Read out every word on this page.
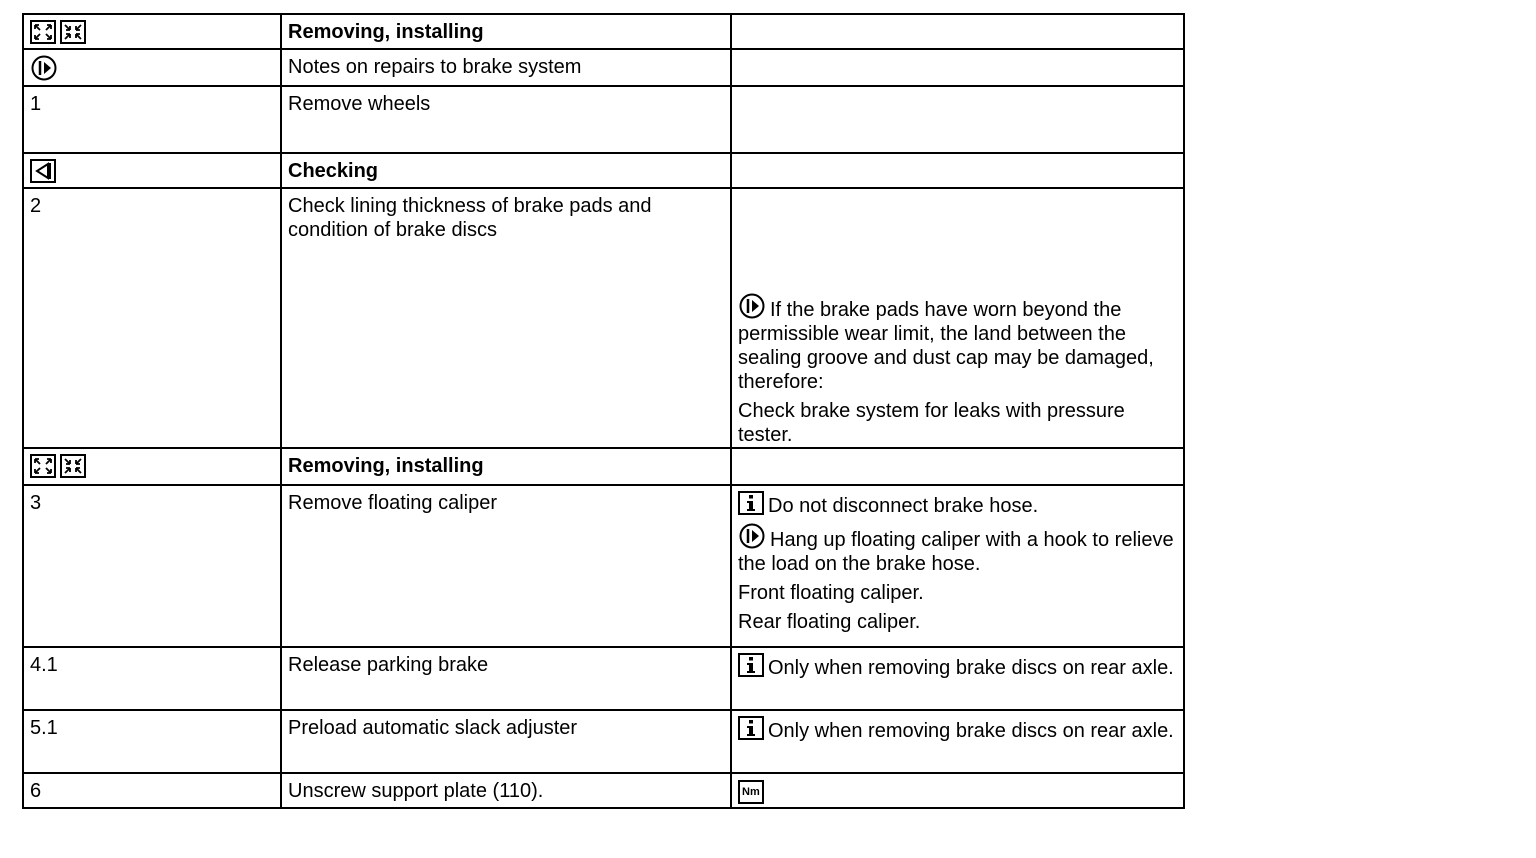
	Removing, installing	

	Notes on repairs to brake system	
1	Remove wheels	

	Checking	
2	Check lining thickness of brake pads and condition of brake discs	If the brake pads have worn beyond the permissible wear limit, the land between the sealing groove and dust cap may be damaged, therefore:
Check brake system for leaks with pressure tester.

	Removing, installing	
3	Remove floating caliper	Do not disconnect brake hose.
Hang up floating caliper with a hook to relieve the load on the brake hose.
Front floating caliper.
Rear floating caliper.

4.1	Release parking brake	Only when removing brake discs on rear axle.
5.1	Preload automatic slack adjuster	Only when removing brake discs on rear axle.
6	Unscrew support plate (110).	Nm
